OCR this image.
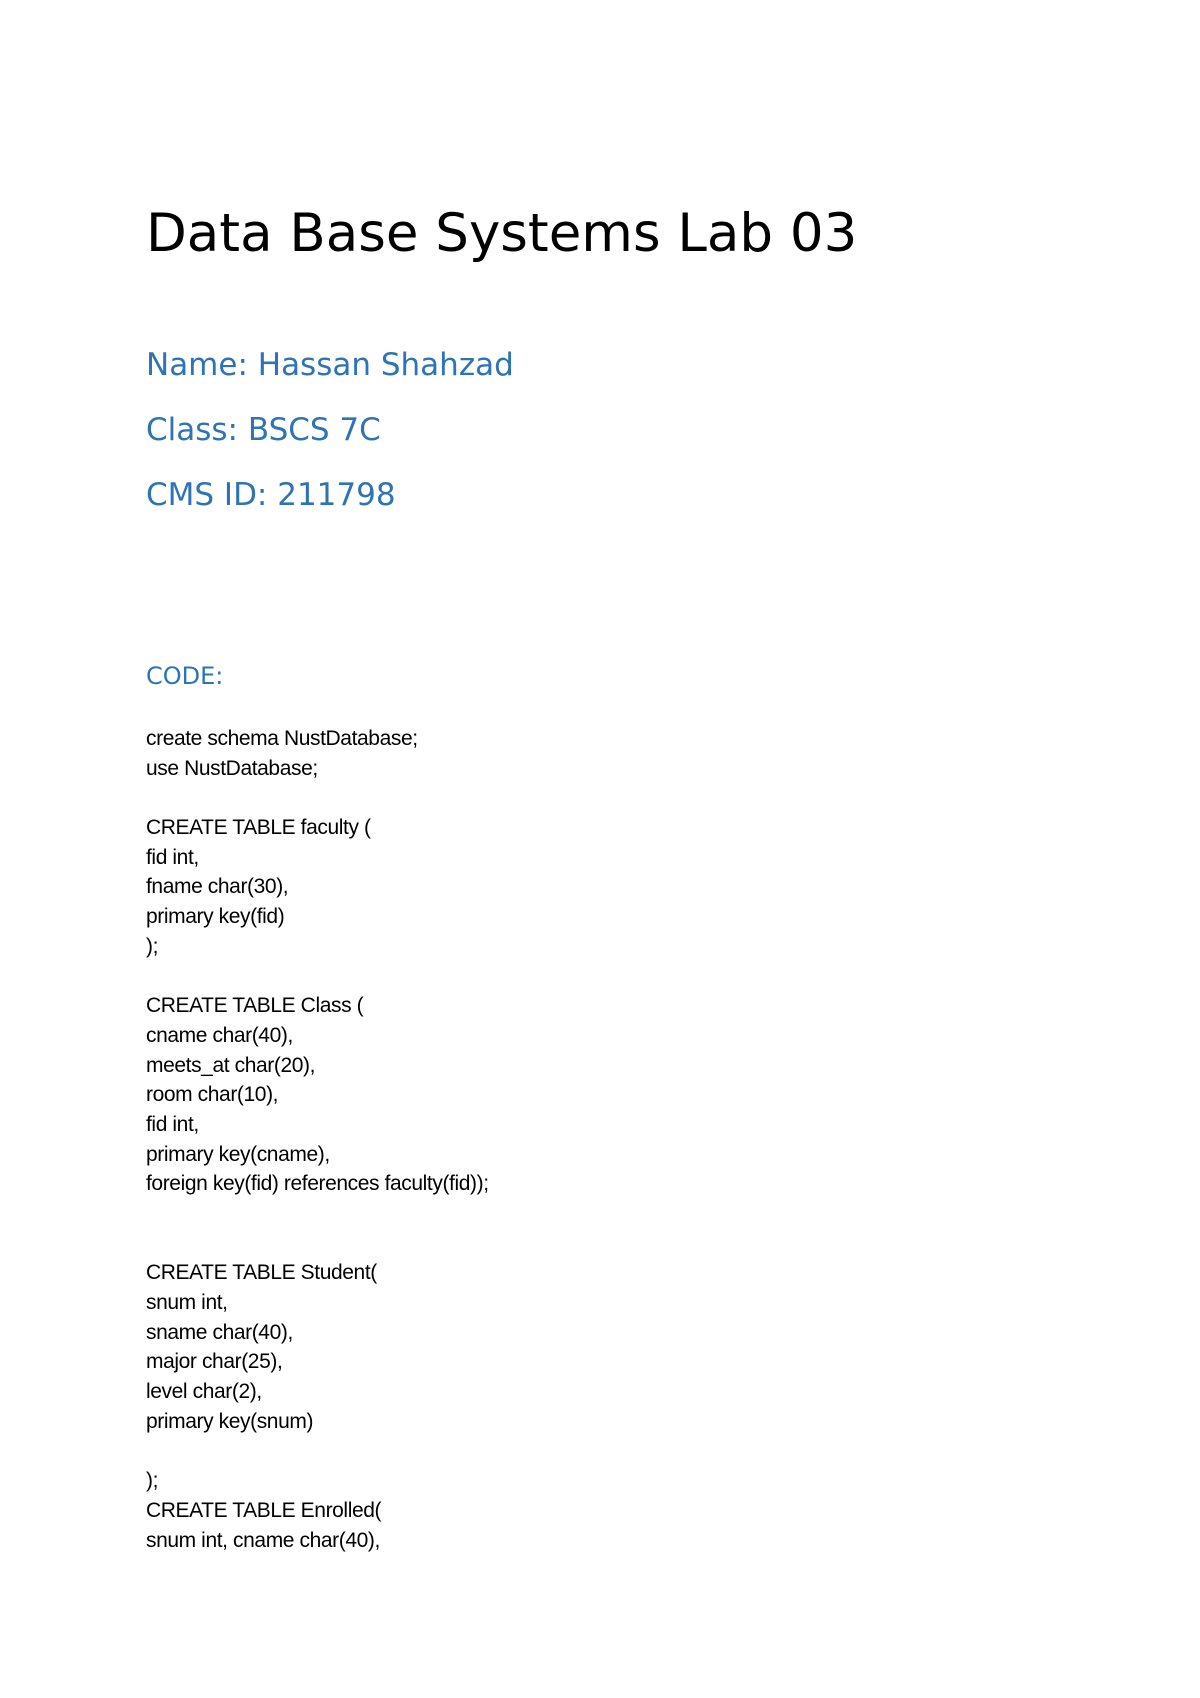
Data Base Systems Lab 03

Name: Hassan Shahzad

Class: BSCS 7C

CMS ID: 211798

CODE:
create schema NustDatabase;
use NustDatabase;
CREATE TABLE faculty (
fid int,
fname char(30),
primary key(fid)
);
CREATE TABLE Class (
cname char(40),
meets_at char(20),
room char(10),
fid int,
primary key(cname),
foreign key(fid) references faculty(fid));
CREATE TABLE Student(
snum int,
sname char(40),
major char(25),
level char(2),
primary key(snum)
);
CREATE TABLE Enrolled(
snum int, cname char(40),
